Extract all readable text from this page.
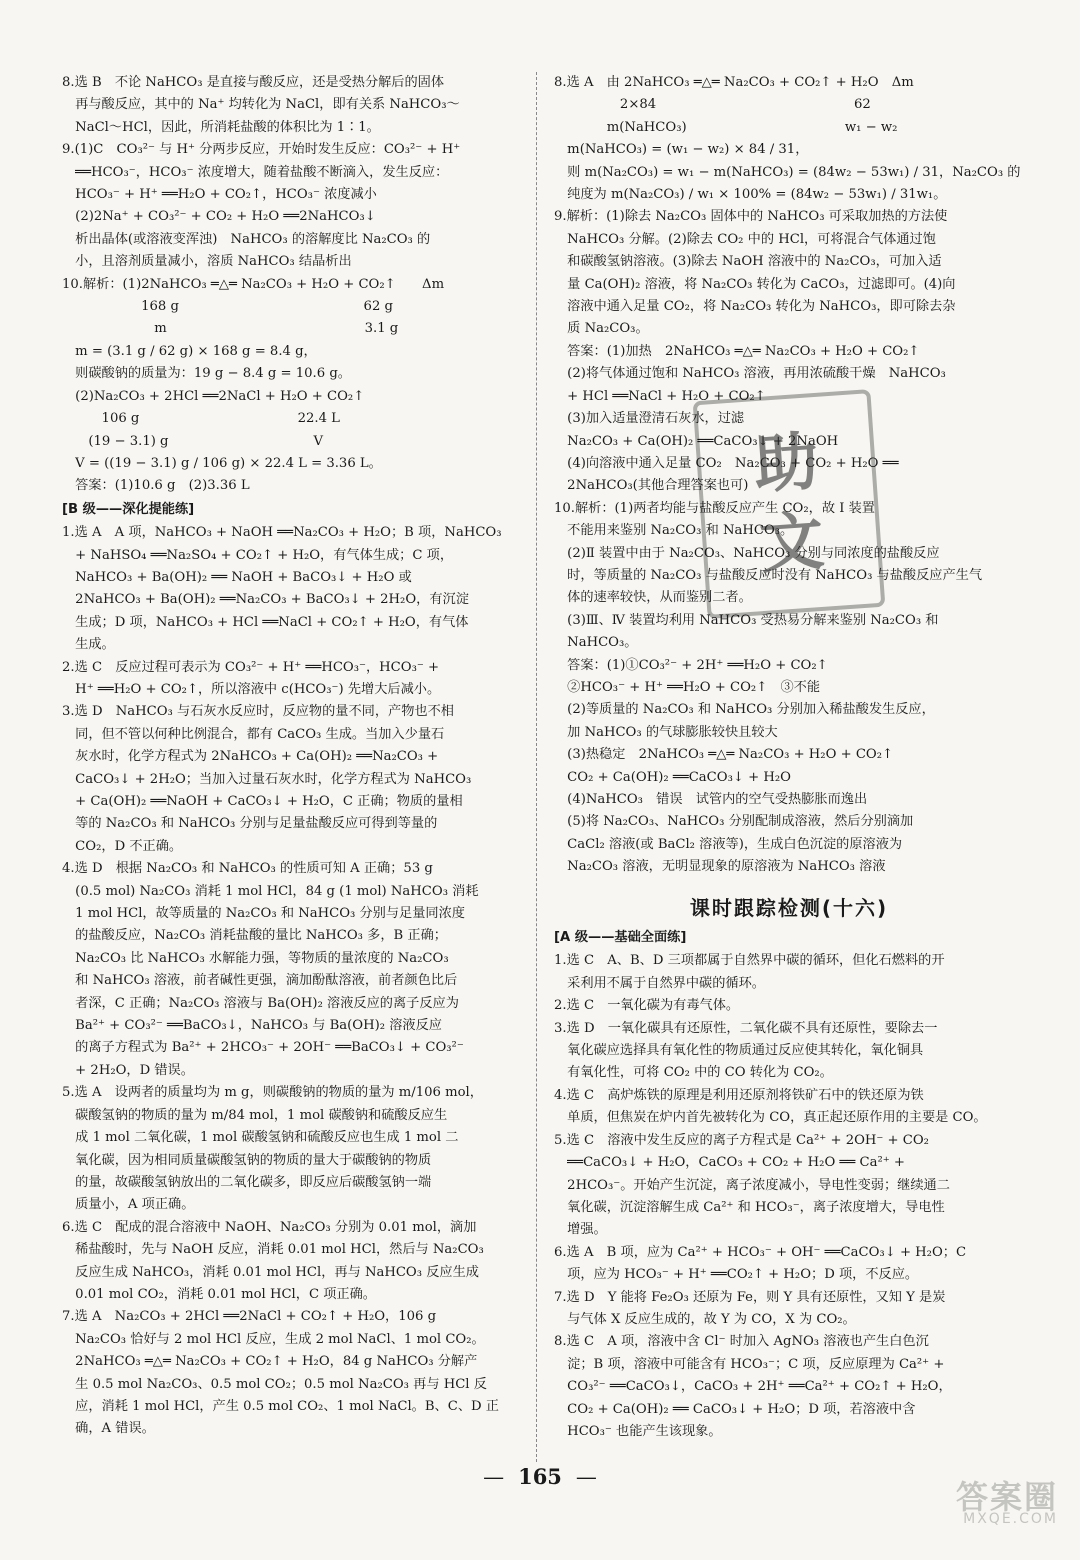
8.选 B　不论 NaHCO₃ 是直接与酸反应，还是受热分解后的固体
　再与酸反应，其中的 Na⁺ 均转化为 NaCl，即有关系 NaHCO₃～
　NaCl～HCl，因此，所消耗盐酸的体积比为 1∶1。
9.(1)C　CO₃²⁻ 与 H⁺ 分两步反应，开始时发生反应：CO₃²⁻ + H⁺
　══HCO₃⁻，HCO₃⁻ 浓度增大，随着盐酸不断滴入，发生反应：
　HCO₃⁻ + H⁺ ══H₂O + CO₂↑，HCO₃⁻ 浓度减小
　(2)2Na⁺ + CO₃²⁻ + CO₂ + H₂O ══2NaHCO₃↓
　析出晶体(或溶液变浑浊)　NaHCO₃ 的溶解度比 Na₂CO₃ 的
　小，且溶剂质量减小，溶质 NaHCO₃ 结晶析出
10.解析：(1)2NaHCO₃ ═△═ Na₂CO₃ + H₂O + CO₂↑　　Δm
　　　　　　168 g　　　　　　　　　　　　　　62 g
　　　　　　　m　　　　　　　　　　　　　　　3.1 g
　m = (3.1 g / 62 g) × 168 g = 8.4 g，
　则碳酸钠的质量为：19 g − 8.4 g = 10.6 g。
　(2)Na₂CO₃ + 2HCl ══2NaCl + H₂O + CO₂↑
　　　106 g　　　　　　　　　　　　22.4 L
　　(19 − 3.1) g　　　　　　　　　　　V
　V = ((19 − 3.1) g / 106 g) × 22.4 L = 3.36 L。
　答案：(1)10.6 g　(2)3.36 L
[B 级——深化提能练]
1.选 A　A 项，NaHCO₃ + NaOH ══Na₂CO₃ + H₂O；B 项，NaHCO₃
　+ NaHSO₄ ══Na₂SO₄ + CO₂↑ + H₂O，有气体生成；C 项，
　NaHCO₃ + Ba(OH)₂ ══ NaOH + BaCO₃↓ + H₂O 或
　2NaHCO₃ + Ba(OH)₂ ══Na₂CO₃ + BaCO₃↓ + 2H₂O，有沉淀
　生成；D 项，NaHCO₃ + HCl ══NaCl + CO₂↑ + H₂O，有气体
　生成。
2.选 C　反应过程可表示为 CO₃²⁻ + H⁺ ══HCO₃⁻，HCO₃⁻ +
　H⁺ ══H₂O + CO₂↑，所以溶液中 c(HCO₃⁻) 先增大后减小。
3.选 D　NaHCO₃ 与石灰水反应时，反应物的量不同，产物也不相
　同，但不管以何种比例混合，都有 CaCO₃ 生成。当加入少量石
　灰水时，化学方程式为 2NaHCO₃ + Ca(OH)₂ ══Na₂CO₃ +
　CaCO₃↓ + 2H₂O；当加入过量石灰水时，化学方程式为 NaHCO₃
　+ Ca(OH)₂ ══NaOH + CaCO₃↓ + H₂O，C 正确；物质的量相
　等的 Na₂CO₃ 和 NaHCO₃ 分别与足量盐酸反应可得到等量的
　CO₂，D 不正确。
4.选 D　根据 Na₂CO₃ 和 NaHCO₃ 的性质可知 A 正确；53 g
　(0.5 mol) Na₂CO₃ 消耗 1 mol HCl，84 g (1 mol) NaHCO₃ 消耗
　1 mol HCl，故等质量的 Na₂CO₃ 和 NaHCO₃ 分别与足量同浓度
　的盐酸反应，Na₂CO₃ 消耗盐酸的量比 NaHCO₃ 多，B 正确；
　Na₂CO₃ 比 NaHCO₃ 水解能力强，等物质的量浓度的 Na₂CO₃
　和 NaHCO₃ 溶液，前者碱性更强，滴加酚酞溶液，前者颜色比后
　者深，C 正确；Na₂CO₃ 溶液与 Ba(OH)₂ 溶液反应的离子反应为
　Ba²⁺ + CO₃²⁻ ══BaCO₃↓，NaHCO₃ 与 Ba(OH)₂ 溶液反应
　的离子方程式为 Ba²⁺ + 2HCO₃⁻ + 2OH⁻ ══BaCO₃↓ + CO₃²⁻
　+ 2H₂O，D 错误。
5.选 A　设两者的质量均为 m g，则碳酸钠的物质的量为 m/106 mol，
　碳酸氢钠的物质的量为 m/84 mol，1 mol 碳酸钠和硫酸反应生
　成 1 mol 二氧化碳，1 mol 碳酸氢钠和硫酸反应也生成 1 mol 二
　氧化碳，因为相同质量碳酸氢钠的物质的量大于碳酸钠的物质
　的量，故碳酸氢钠放出的二氧化碳多，即反应后碳酸氢钠一端
　质量小，A 项正确。
6.选 C　配成的混合溶液中 NaOH、Na₂CO₃ 分别为 0.01 mol，滴加
　稀盐酸时，先与 NaOH 反应，消耗 0.01 mol HCl，然后与 Na₂CO₃
　反应生成 NaHCO₃，消耗 0.01 mol HCl，再与 NaHCO₃ 反应生成
　0.01 mol CO₂，消耗 0.01 mol HCl，C 项正确。
7.选 A　Na₂CO₃ + 2HCl ══2NaCl + CO₂↑ + H₂O，106 g
　Na₂CO₃ 恰好与 2 mol HCl 反应，生成 2 mol NaCl、1 mol CO₂。
　2NaHCO₃ ═△═ Na₂CO₃ + CO₂↑ + H₂O，84 g NaHCO₃ 分解产
　生 0.5 mol Na₂CO₃、0.5 mol CO₂；0.5 mol Na₂CO₃ 再与 HCl 反
　应，消耗 1 mol HCl，产生 0.5 mol CO₂、1 mol NaCl。B、C、D 正
　确，A 错误。
8.选 A　由 2NaHCO₃ ═△═ Na₂CO₃ + CO₂↑ + H₂O　Δm
　　　　　2×84　　　　　　　　　　　　　　　62
　　　　m(NaHCO₃)　　　　　　　　　　　　w₁ − w₂
　m(NaHCO₃) = (w₁ − w₂) × 84 / 31，
　则 m(Na₂CO₃) = w₁ − m(NaHCO₃) = (84w₂ − 53w₁) / 31，Na₂CO₃ 的
　纯度为 m(Na₂CO₃) / w₁ × 100% = (84w₂ − 53w₁) / 31w₁。
9.解析：(1)除去 Na₂CO₃ 固体中的 NaHCO₃ 可采取加热的方法使
　NaHCO₃ 分解。(2)除去 CO₂ 中的 HCl，可将混合气体通过饱
　和碳酸氢钠溶液。(3)除去 NaOH 溶液中的 Na₂CO₃，可加入适
　量 Ca(OH)₂ 溶液，将 Na₂CO₃ 转化为 CaCO₃，过滤即可。(4)向
　溶液中通入足量 CO₂，将 Na₂CO₃ 转化为 NaHCO₃，即可除去杂
　质 Na₂CO₃。
　答案：(1)加热　2NaHCO₃ ═△═ Na₂CO₃ + H₂O + CO₂↑
　(2)将气体通过饱和 NaHCO₃ 溶液，再用浓硫酸干燥　NaHCO₃
　+ HCl ══NaCl + H₂O + CO₂↑
　(3)加入适量澄清石灰水，过滤
　Na₂CO₃ + Ca(OH)₂ ══CaCO₃↓ + 2NaOH
　(4)向溶液中通入足量 CO₂　Na₂CO₃ + CO₂ + H₂O ══
　2NaHCO₃(其他合理答案也可)
10.解析：(1)两者均能与盐酸反应产生 CO₂，故 Ⅰ 装置
　不能用来鉴别 Na₂CO₃ 和 NaHCO₃。
　(2)Ⅱ 装置中由于 Na₂CO₃、NaHCO₃ 分别与同浓度的盐酸反应
　时，等质量的 Na₂CO₃ 与盐酸反应时没有 NaHCO₃ 与盐酸反应产生气
　体的速率较快，从而鉴别二者。
　(3)Ⅲ、Ⅳ 装置均利用 NaHCO₃ 受热易分解来鉴别 Na₂CO₃ 和
　NaHCO₃。
　答案：(1)①CO₃²⁻ + 2H⁺ ══H₂O + CO₂↑
　②HCO₃⁻ + H⁺ ══H₂O + CO₂↑　③不能
　(2)等质量的 Na₂CO₃ 和 NaHCO₃ 分别加入稀盐酸发生反应，
　加 NaHCO₃ 的气球膨胀较快且较大
　(3)热稳定　2NaHCO₃ ═△═ Na₂CO₃ + H₂O + CO₂↑
　CO₂ + Ca(OH)₂ ══CaCO₃↓ + H₂O
　(4)NaHCO₃　错误　试管内的空气受热膨胀而逸出
　(5)将 Na₂CO₃、NaHCO₃ 分别配制成溶液，然后分别滴加
　CaCl₂ 溶液(或 BaCl₂ 溶液等)，生成白色沉淀的原溶液为
　Na₂CO₃ 溶液，无明显现象的原溶液为 NaHCO₃ 溶液
课时跟踪检测(十六)
[A 级——基础全面练]
1.选 C　A、B、D 三项都属于自然界中碳的循环，但化石燃料的开
　采利用不属于自然界中碳的循环。
2.选 C　一氧化碳为有毒气体。
3.选 D　一氧化碳具有还原性，二氧化碳不具有还原性，要除去一
　氧化碳应选择具有氧化性的物质通过反应使其转化，氧化铜具
　有氧化性，可将 CO₂ 中的 CO 转化为 CO₂。
4.选 C　高炉炼铁的原理是利用还原剂将铁矿石中的铁还原为铁
　单质，但焦炭在炉内首先被转化为 CO，真正起还原作用的主要是 CO。
5.选 C　溶液中发生反应的离子方程式是 Ca²⁺ + 2OH⁻ + CO₂
　══CaCO₃↓ + H₂O，CaCO₃ + CO₂ + H₂O ══ Ca²⁺ +
　2HCO₃⁻。开始产生沉淀，离子浓度减小，导电性变弱；继续通二
　氧化碳，沉淀溶解生成 Ca²⁺ 和 HCO₃⁻，离子浓度增大，导电性
　增强。
6.选 A　B 项，应为 Ca²⁺ + HCO₃⁻ + OH⁻ ══CaCO₃↓ + H₂O；C
　项，应为 HCO₃⁻ + H⁺ ══CO₂↑ + H₂O；D 项，不反应。
7.选 D　Y 能将 Fe₂O₃ 还原为 Fe，则 Y 具有还原性，又知 Y 是炭
　与气体 X 反应生成的，故 Y 为 CO，X 为 CO₂。
8.选 C　A 项，溶液中含 Cl⁻ 时加入 AgNO₃ 溶液也产生白色沉
　淀；B 项，溶液中可能含有 HCO₃⁻；C 项，反应原理为 Ca²⁺ +
　CO₃²⁻ ══CaCO₃↓，CaCO₃ + 2H⁺ ══Ca²⁺ + CO₂↑ + H₂O，
　CO₂ + Ca(OH)₂ ══ CaCO₃↓ + H₂O；D 项，若溶液中含
　HCO₃⁻ 也能产生该现象。
助
文
— 165 —
答案圈
MXQE.COM
